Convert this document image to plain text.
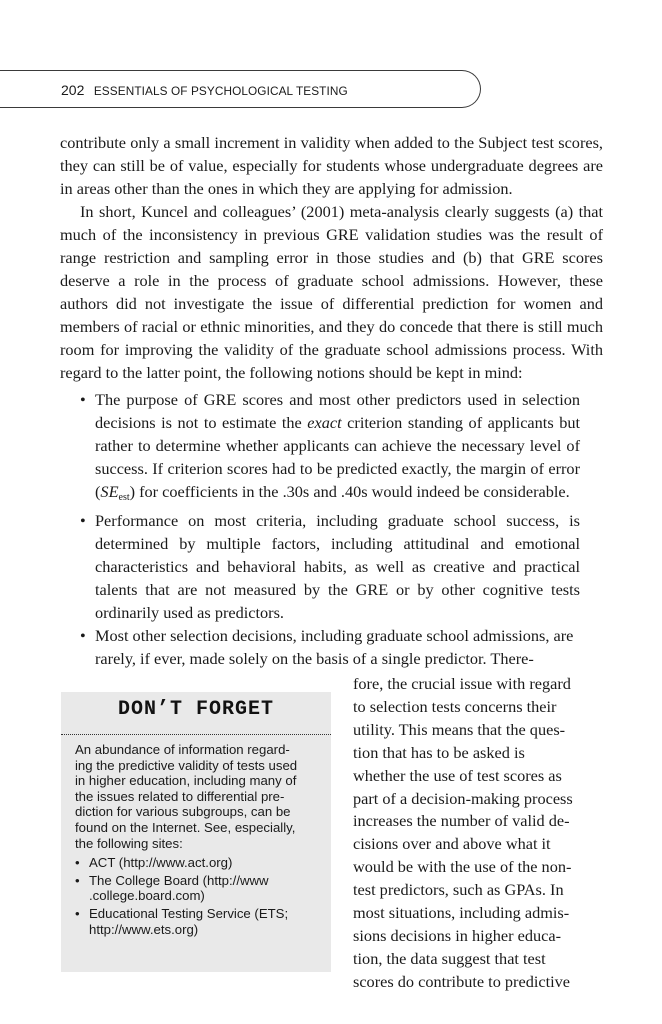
202 ESSENTIALS OF PSYCHOLOGICAL TESTING

contribute only a small increment in validity when added to the Subject test scores, they can still be of value, especially for students whose undergraduate degrees are in areas other than the ones in which they are applying for admission.

In short, Kuncel and colleagues’ (2001) meta-analysis clearly suggests (a) that much of the inconsistency in previous GRE validation studies was the result of range restriction and sampling error in those studies and (b) that GRE scores deserve a role in the process of graduate school admissions. However, these authors did not investigate the issue of differential prediction for women and members of racial or ethnic minorities, and they do concede that there is still much room for improving the validity of the graduate school admissions process. With regard to the latter point, the following notions should be kept in mind:

• The purpose of GRE scores and most other predictors used in selection decisions is not to estimate the exact criterion standing of applicants but rather to determine whether applicants can achieve the necessary level of success. If criterion scores had to be predicted exactly, the margin of error $(SE_{est})$ for coefficients in the .30s and .40s would indeed be considerable.
• Performance on most criteria, including graduate school success, is determined by multiple factors, including attitudinal and emotional characteristics and behavioral habits, as well as creative and practical talents that are not measured by the GRE or by other cognitive tests ordinarily used as predictors.
• Most other selection decisions, including graduate school admissions, are rarely, if ever, made solely on the basis of a single predictor. There-
fore, the crucial issue with regard
to selection tests concerns their
utility. This means that the ques-
tion that has to be asked is
whether the use of test scores as
part of a decision-making process
increases the number of valid de-
cisions over and above what it
would be with the use of the non-
test predictors, such as GPAs. In
most situations, including admis-
sions decisions in higher educa-
tion, the data suggest that test
scores do contribute to predictive
DON’T FORGET
An abundance of information regard-
ing the predictive validity of tests used
in higher education, including many of
the issues related to differential pre-
diction for various subgroups, can be
found on the Internet. See, especially,
the following sites:
• ACT (http://www.act.org)
• The College Board (http://www
.college.board.com)
• Educational Testing Service (ETS;
http://www.ets.org)
